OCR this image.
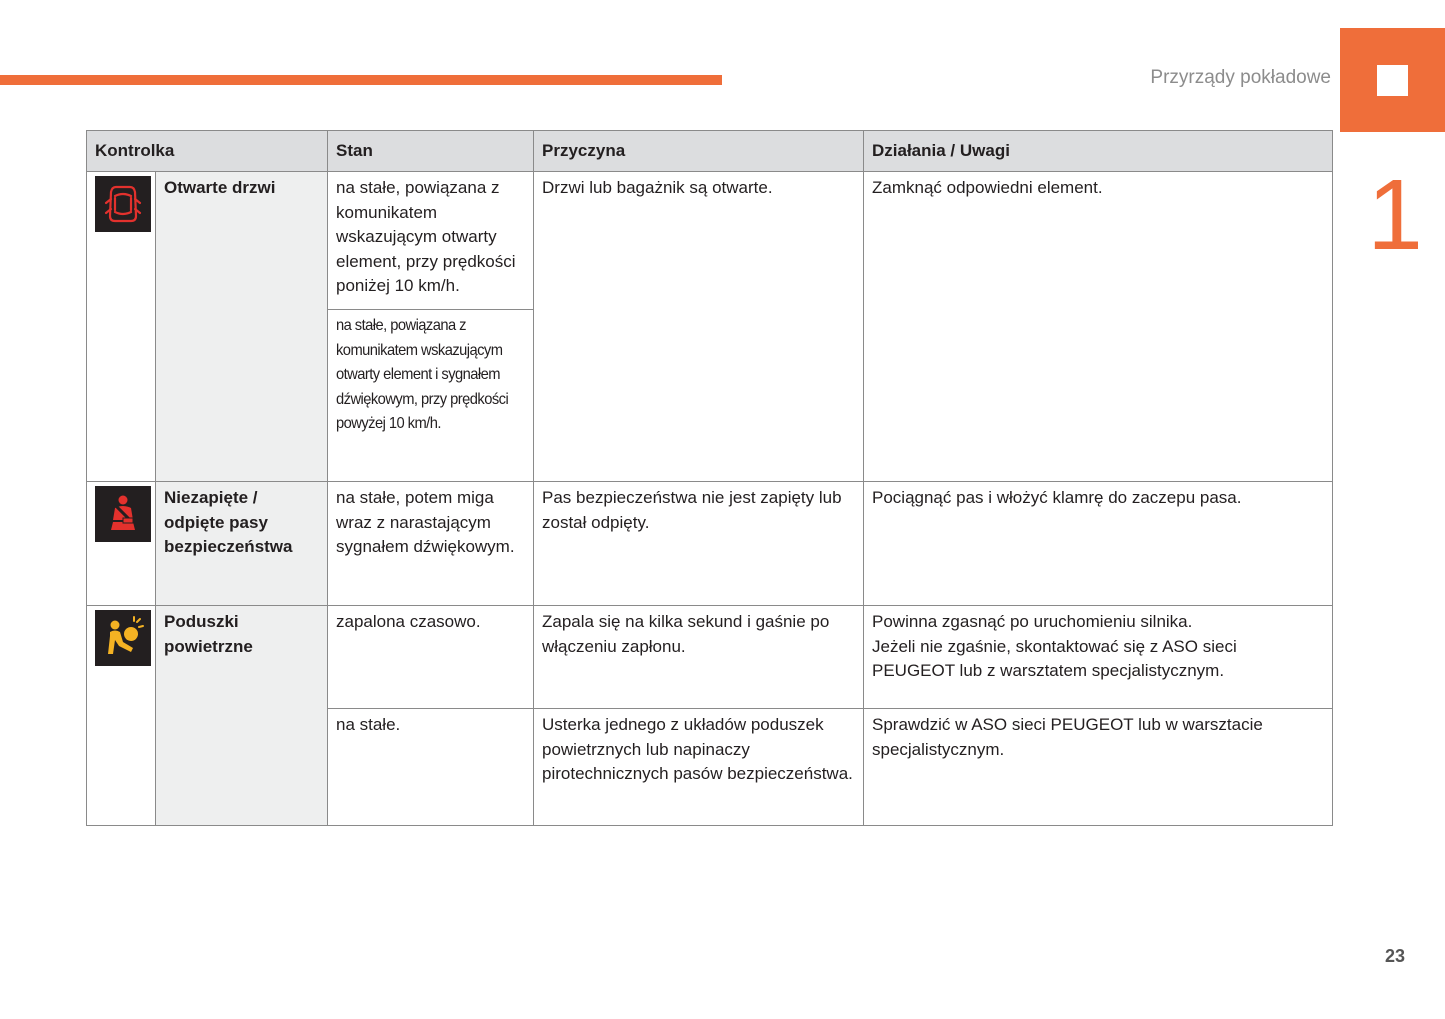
Przyrządy pokładowe
1
Kontrolka		Stan	Przyczyna	Działania / Uwagi

	Otwarte drzwi	na stałe, powiązana z komunikatem wskazującym otwarty element, przy prędkości poniżej 10 km/h.	Drzwi lub bagażnik są otwarte.	Zamknąć odpowiedni element.

		na stałe, powiązana z komunikatem wskazującym otwarty element i sygnałem dźwiękowym, przy prędkości powyżej 10 km/h.		

	Niezapięte / odpięte pasy bezpieczeństwa	na stałe, potem miga wraz z narastającym sygnałem dźwiękowym.	Pas bezpieczeństwa nie jest zapięty lub został odpięty.	Pociągnąć pas i włożyć klamrę do zaczepu pasa.

	Poduszki powietrzne	zapalona czasowo.	Zapala się na kilka sekund i gaśnie po włączeniu zapłonu.	Powinna zgasnąć po uruchomieniu silnika.
Jeżeli nie zgaśnie, skontaktować się z ASO sieci PEUGEOT lub z warsztatem specjalistycznym.

		na stałe.	Usterka jednego z układów poduszek powietrznych lub napinaczy pirotechnicznych pasów bezpieczeństwa.	Sprawdzić w ASO sieci PEUGEOT lub w warsztacie specjalistycznym.
23
